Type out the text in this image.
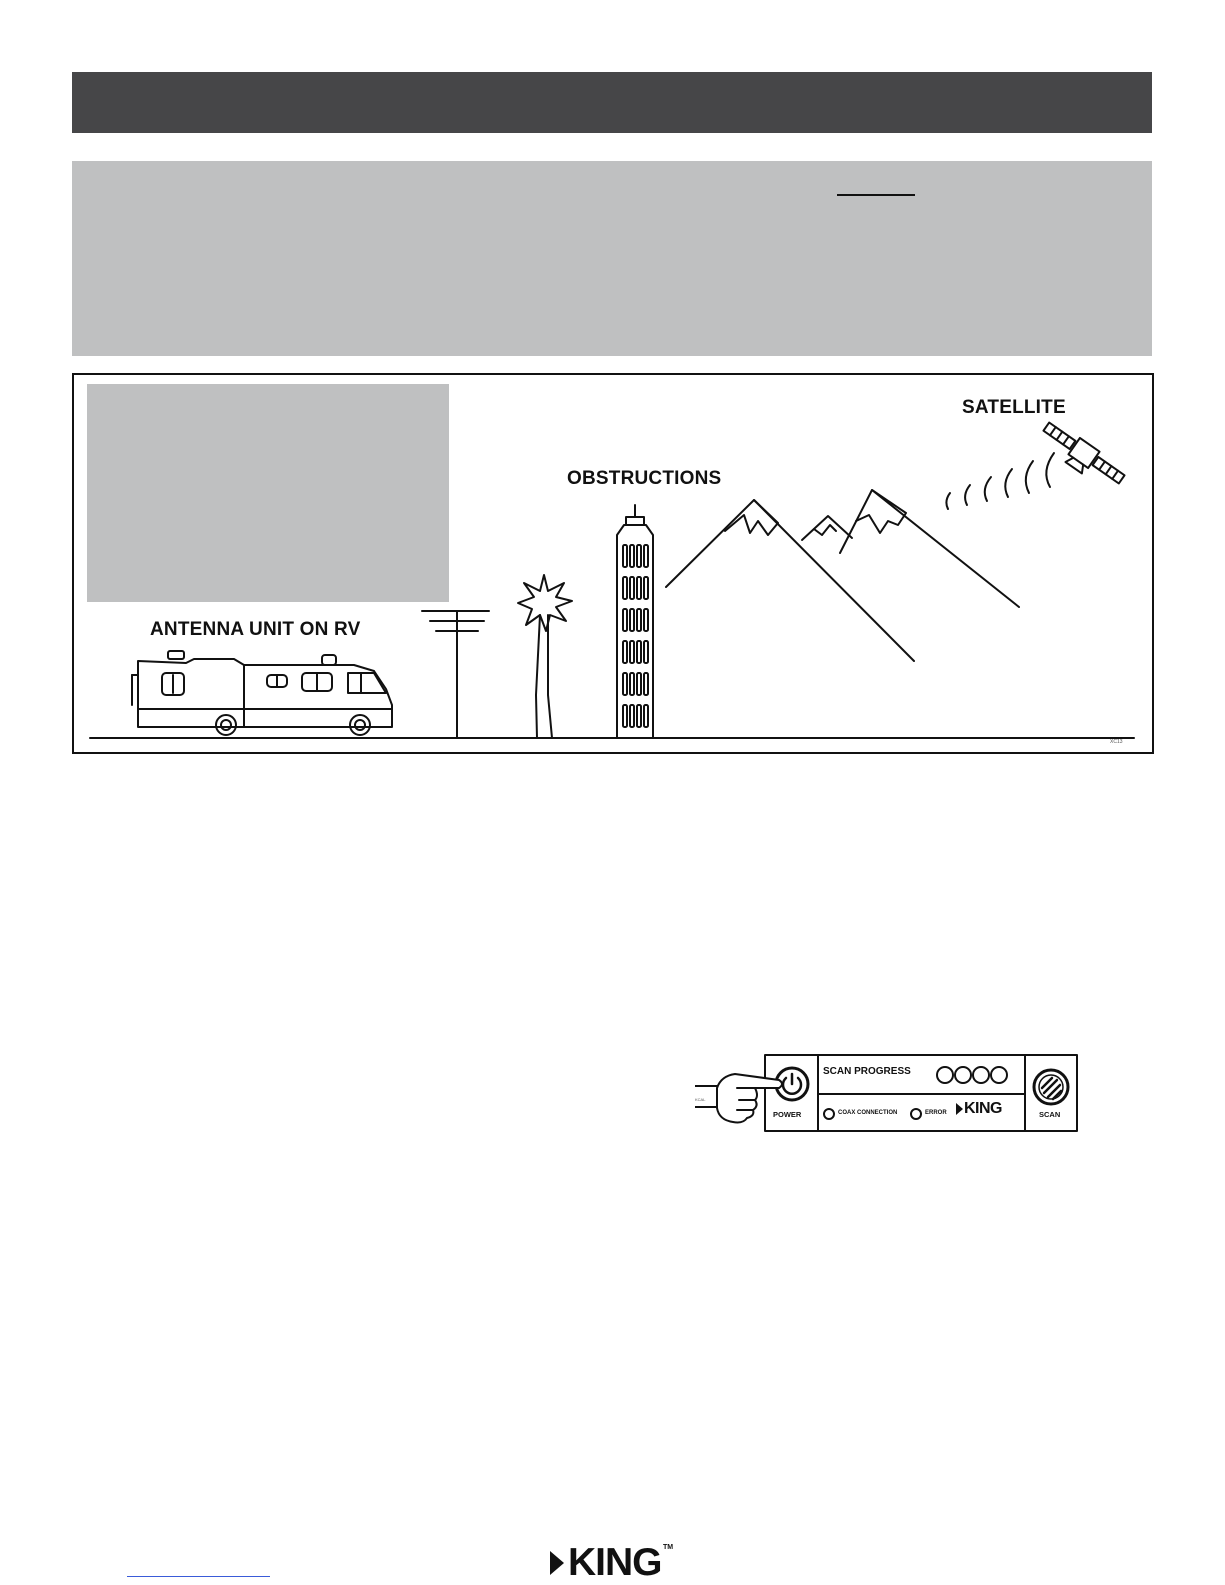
SATELLITE
OBSTRUCTIONS
ANTENNA UNIT ON RV
XC13
SCAN PROGRESS
POWER	SCAN
COAX CONNECTION	ERROR KING
KCAL
KING TM
